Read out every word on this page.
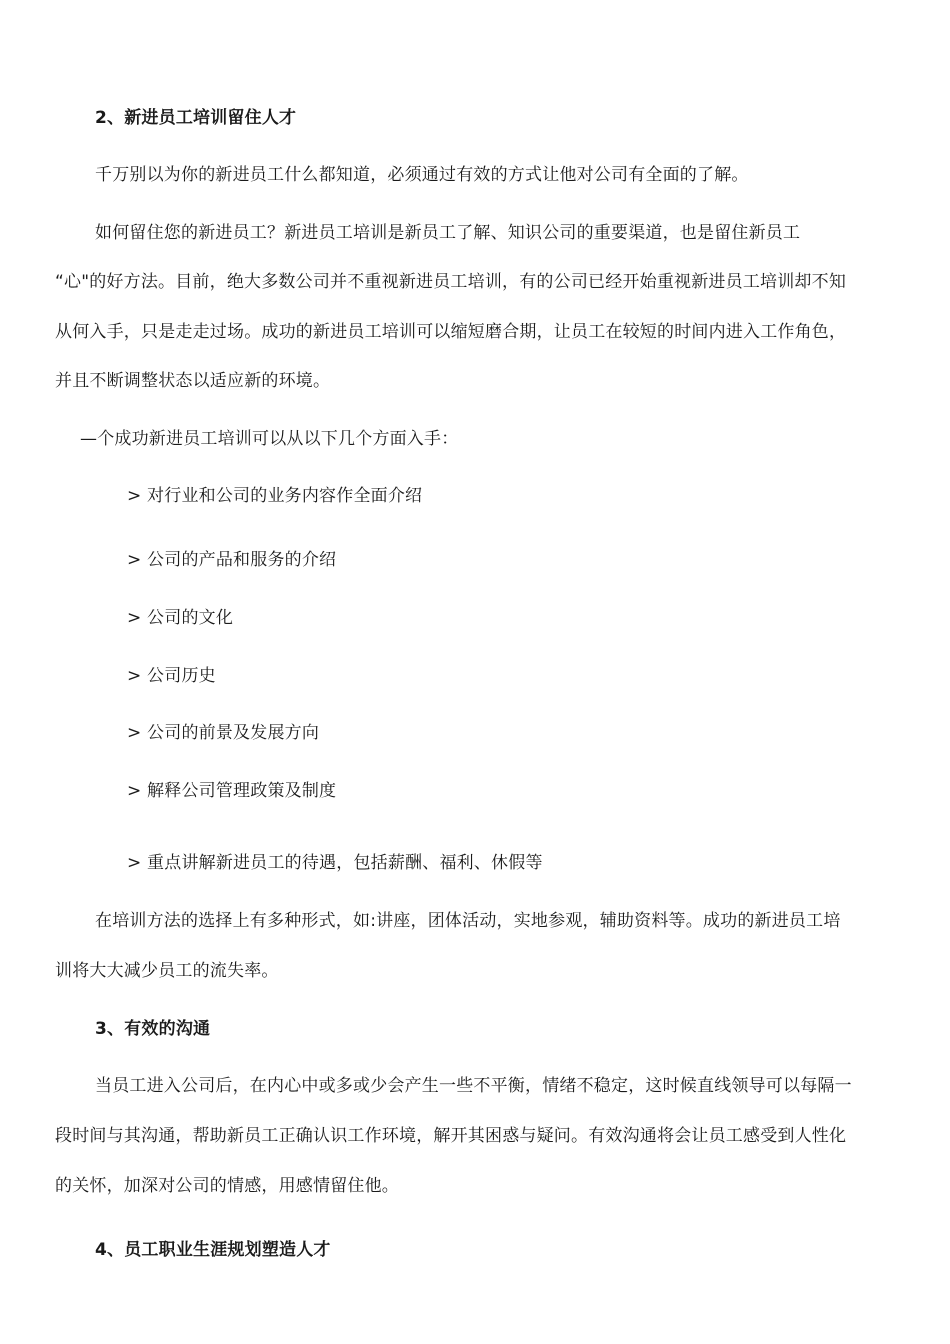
2、新进员工培训留住人才
千万别以为你的新进员工什么都知道，必须通过有效的方式让他对公司有全面的了解。
如何留住您的新进员工？新进员工培训是新员工了解、知识公司的重要渠道，也是留住新员工
“心"的好方法。目前，绝大多数公司并不重视新进员工培训，有的公司已经开始重视新进员工培训却不知
从何入手，只是走走过场。成功的新进员工培训可以缩短磨合期，让员工在较短的时间内进入工作角色，
并且不断调整状态以适应新的环境。
—个成功新进员工培训可以从以下几个方面入手：
> 对行业和公司的业务内容作全面介绍
> 公司的产品和服务的介绍
> 公司的文化
> 公司历史
> 公司的前景及发展方向
> 解释公司管理政策及制度
> 重点讲解新进员工的待遇，包括薪酬、福利、休假等
在培训方法的选择上有多种形式，如:讲座，团体活动，实地参观，辅助资料等。成功的新进员工培
训将大大减少员工的流失率。
3、有效的沟通
当员工进入公司后，在内心中或多或少会产生一些不平衡，情绪不稳定，这时候直线领导可以每隔一
段时间与其沟通，帮助新员工正确认识工作环境，解开其困惑与疑问。有效沟通将会让员工感受到人性化
的关怀，加深对公司的情感，用感情留住他。
4、员工职业生涯规划塑造人才
